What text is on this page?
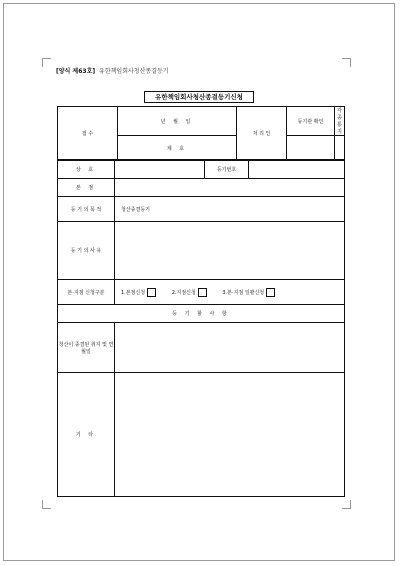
[양식 제63호] 유한책임회사청산종결등기
유한책임회사청산종결등기신청
접 수	년 월 일	처 리 인	등기관 확인	각종 통지
	제 호			
상 호		등기번호	
본 점			
등 기 의 목 적	청산종결등기		
등 기 의 사 유			
본·지점 신청구분	1.본점신청 2.지점신청 3.본·지점 일괄신청		
등 기 할 사 항			
청산이 종결된 취지 및 연월일			
기 타			
